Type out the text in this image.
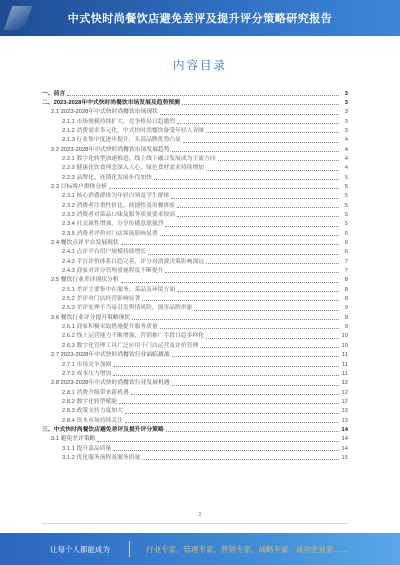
中式快时尚餐饮店避免差评及提升评分策略研究报告
内容目录
一、前言	3
二、2023-2028年中式快时尚餐饮市场发展及趋势预测	3
2.1 2023-2028年中式快时尚餐饮市场现状	3
2.1.1 市场规模持续扩大，竞争格局日趋激烈	3
2.1.2 消费需求多元化，中式快时尚餐饮备受年轻人青睐	3
2.1.3 行业集中度逐步提升，头部品牌优势凸显	4
2.2 2023-2028年中式快时尚餐饮市场发展趋势	4
2.2.1 数字化转型加速推进，线上线下融合发展成为主流方向	4
2.2.2 健康化饮食理念深入人心，绿色食材需求持续增加	4
2.2.3 品牌化、连锁化发展步伐加快	5
2.3 目标客户群体分析	5
2.3.1 核心消费群体为年轻白领及学生群体	5
2.3.2 消费者注重性价比、便捷性及用餐体验	5
2.3.3 消费者对菜品口味及服务质量要求较高	5
2.3.4 社交属性增强，分享传播意愿强烈	5
2.3.5 消费者评价对门店客流影响显著	6
2.4 餐饮点评平台发展现状	6
2.4.1 点评平台用户规模持续增长	6
2.4.2 平台评价体系日趋完善，评分对消费决策影响深远	7
2.4.3 商家对评分管理重视程度不断提升	7
2.5 餐饮行业差评现状分析	8
2.5.1 差评主要集中在服务、菜品及环境方面	8
2.5.2 差评对门店经营影响显著	8
2.5.3 差评处理不当易引发舆情风险，损害品牌形象	9
2.6 餐饮行业评分提升策略现状	9
2.6.1 商家积极采取措施提升服务质量	9
2.6.2 线上运营能力不断增强，营销推广手段日趋多样化	10
2.6.3 数字化管理工具广泛应用于门店运营及评价管理	10
2.7 2023-2028年中式快时尚餐饮行业面临挑战	11
2.7.1 市场竞争加剧	11
2.7.2 成本压力增加	11
2.8 2023-2028年中式快时尚餐饮行业发展机遇	12
2.8.1 消费升级带来新机遇	12
2.8.2 数字化转型赋能	12
2.8.3 政策支持力度加大	13
2.8.4 资本市场持续关注	13
三、中式快时尚餐饮店避免差评及提升评分策略	14
3.1 避免差评策略	14
3.1.1 提升菜品质量	14
3.1.2 优化服务流程及服务质量	15
2
让每个人都能成为	行业专家、管理专家、营销专家、战略专家、成功企业家……
